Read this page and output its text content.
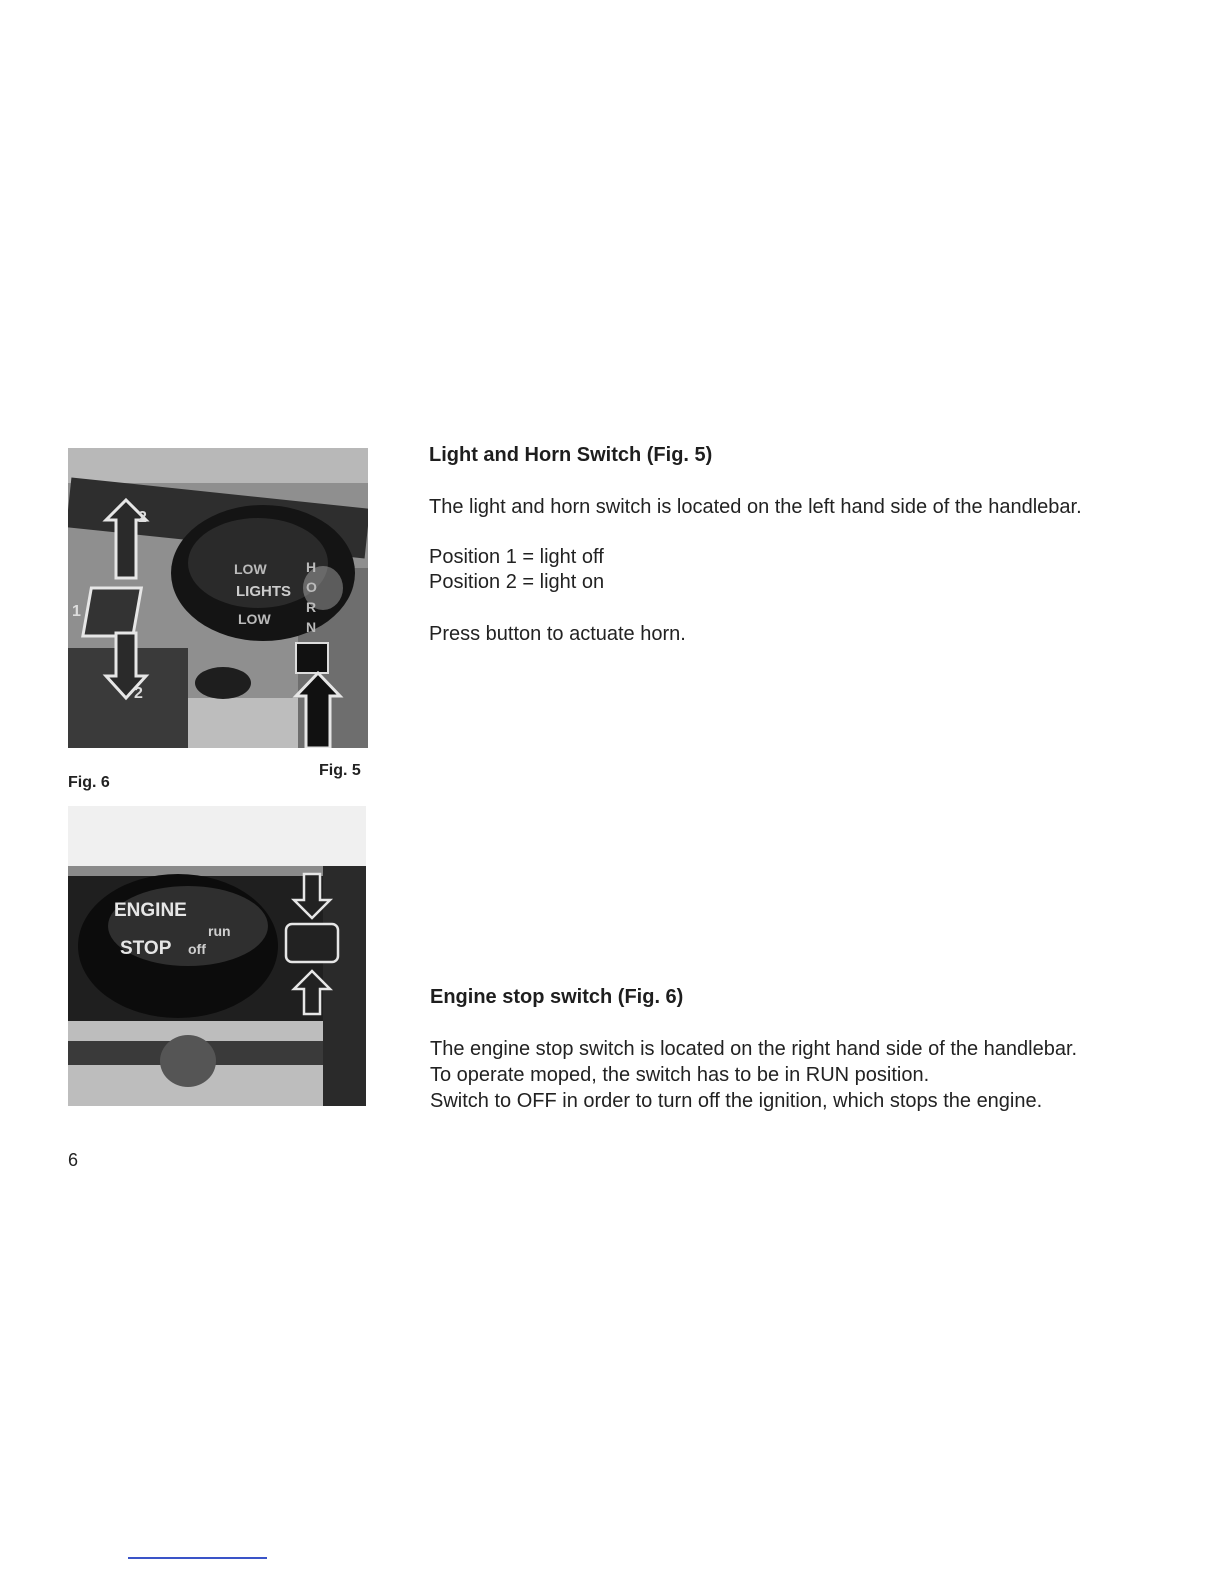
2
2
1
LOW
LIGHTS
LOW
H
O
R
N
Fig. 5
Fig. 6
ENGINE
STOP
run
off
Light and Horn Switch (Fig. 5)

The light and horn switch is located on the left hand side of the handlebar.

Position 1 = light off

Position 2 = light on

Press button to actuate horn.

Engine stop switch (Fig. 6)

The engine stop switch is located on the right hand side of the handlebar.

To operate moped, the switch has to be in RUN position.

Switch to OFF in order to turn off the ignition, which stops the engine.

6
